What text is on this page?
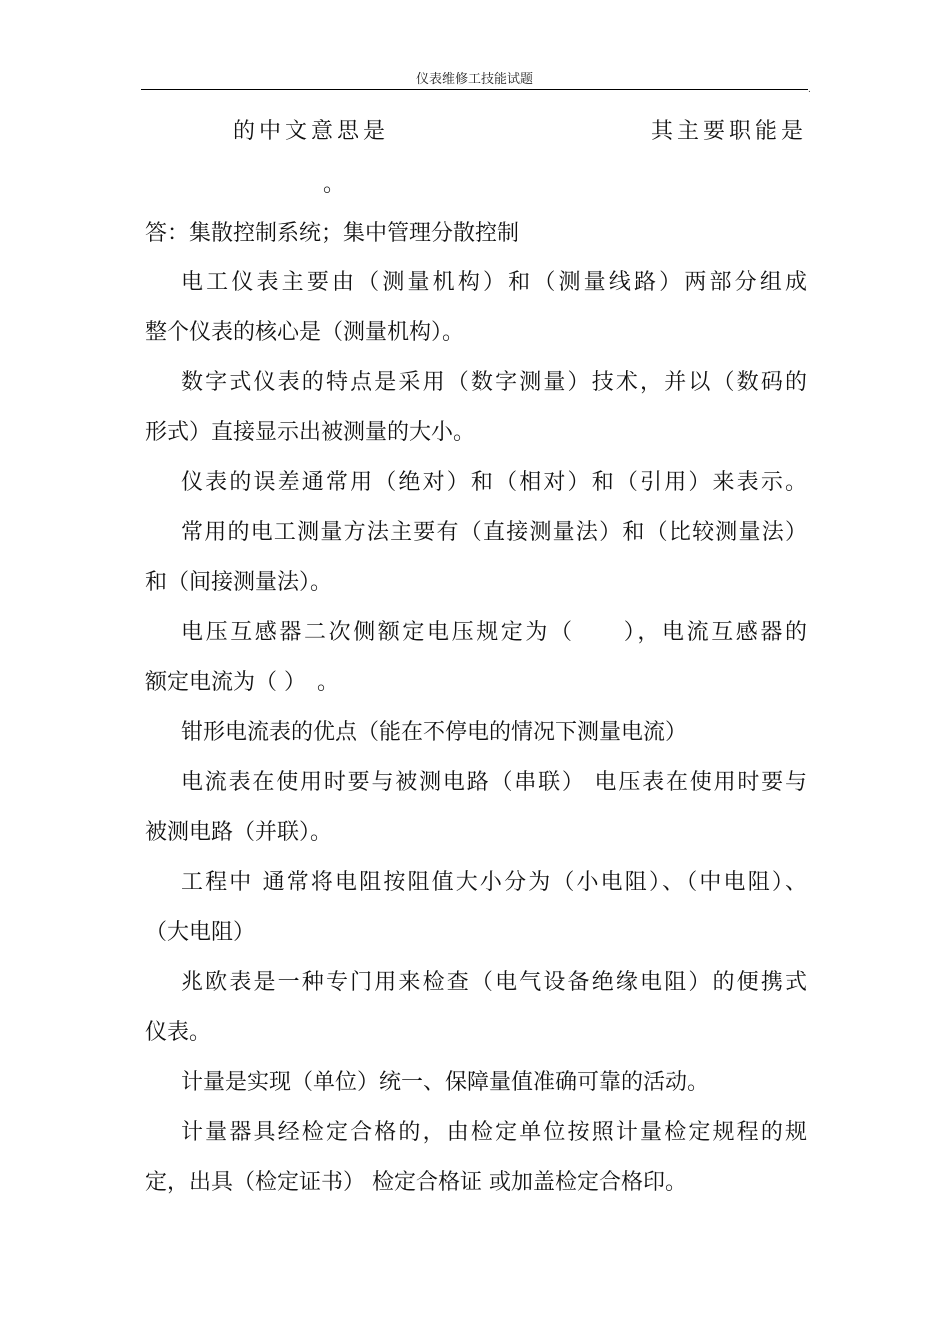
仪表维修工技能试题
.
的中文意思是	其主要职能是
。
答：集散控制系统；集中管理分散控制
电工仪表主要由（测量机构）和（测量线路）两部分组成
整个仪表的核心是（测量机构）。
数字式仪表的特点是采用（数字测量）技术，并以（数码的
形式）直接显示出被测量的大小。
仪表的误差通常用（绝对）和（相对）和（引用）来表示。
常用的电工测量方法主要有（直接测量法）和（比较测量法）
和（间接测量法）。
电压互感器二次侧额定电压规定为（　　），电流互感器的
额定电流为（ ）　。
钳形电流表的优点（能在不停电的情况下测量电流）
电流表在使用时要与被测电路（串联） 电压表在使用时要与
被测电路（并联）。
工程中 通常将电阻按阻值大小分为（小电阻）、（中电阻）、
（大电阻）
兆欧表是一种专门用来检查（电气设备绝缘电阻）的便携式
仪表。
计量是实现（单位）统一、保障量值准确可靠的活动。
计量器具经检定合格的，由检定单位按照计量检定规程的规
定，出具（检定证书） 检定合格证 或加盖检定合格印。
